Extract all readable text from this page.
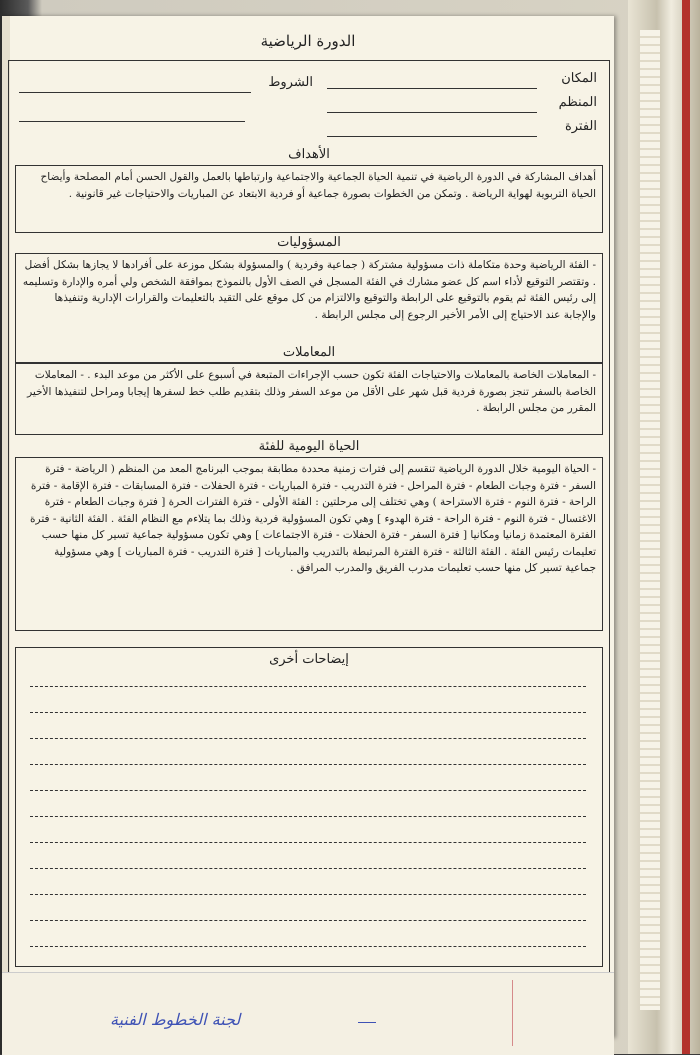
الدورة الرياضية
المكان
المنظم
الفترة
الشروط
الأهداف

أهداف المشاركة في الدورة الرياضية في تنمية الحياة الجماعية والاجتماعية وارتباطها بالعمل والقول الحسن أمام المصلحة وأيضاح الحياة التربوية لهواية الرياضة . وتمكن من الخطوات بصورة جماعية أو فردية الابتعاد عن المباريات والاحتياجات غير قانونية .

المسؤوليات

- الفئة الرياضية وحدة متكاملة ذات مسؤولية مشتركة ( جماعية وفردية ) والمسؤولة بشكل موزعة على أفرادها لا يجازها بشكل أفضل . وتقتصر التوقيع لأداء اسم كل عضو مشارك في الفئة المسجل في الصف الأول بالنموذج بموافقة الشخص ولي أمره والإدارة وتسليمه إلى رئيس الفئة ثم يقوم بالتوقيع على الرابطة والتوقيع والالتزام من كل موقع على التقيد بالتعليمات والقرارات الإدارية وتنفيذها والإجابة عند الاحتياج إلى الأمر الأخير الرجوع إلى مجلس الرابطة .

المعاملات

- المعاملات الخاصة بالمعاملات والاحتياجات الفئة تكون حسب الإجراءات المتبعة في أسبوع على الأكثر من موعد البدء . - المعاملات الخاصة بالسفر تنجز بصورة فردية قبل شهر على الأقل من موعد السفر وذلك بتقديم طلب خط لسفرها إيجابا ومراحل لتنفيذها الأخير المقرر من مجلس الرابطة .

الحياة اليومية للفئة

- الحياة اليومية خلال الدورة الرياضية تنقسم إلى فترات زمنية محددة مطابقة بموجب البرنامج المعد من المنظم ( الرياضة - فترة السفر - فترة وجبات الطعام - فترة المراحل - فترة التدريب - فترة المباريات - فترة الحفلات - فترة المسابقات - فترة الإقامة - فترة الراحة - فترة النوم - فترة الاستراحة ) وهي تختلف إلى مرحلتين : الفئة الأولى - فترة الفترات الحرة [ فترة وجبات الطعام - فترة الاغتسال - فترة النوم - فترة الراحة - فترة الهدوء ] وهي تكون المسؤولية فردية وذلك بما يتلاءم مع النظام الفئة . الفئة الثانية - فترة الفترة المعتمدة زمانيا ومكانيا [ فترة السفر - فترة الحفلات - فترة الاجتماعات ] وهي تكون مسؤولية جماعية تسير كل منها حسب تعليمات رئيس الفئة . الفئة الثالثة - فترة الفترة المرتبطة بالتدريب والمباريات [ فترة التدريب - فترة المباريات ] وهي مسؤولية جماعية تسير كل منها حسب تعليمات مدرب الفريق والمدرب المرافق .

إيضاحات أخرى
لجنة الخطوط الفنية
